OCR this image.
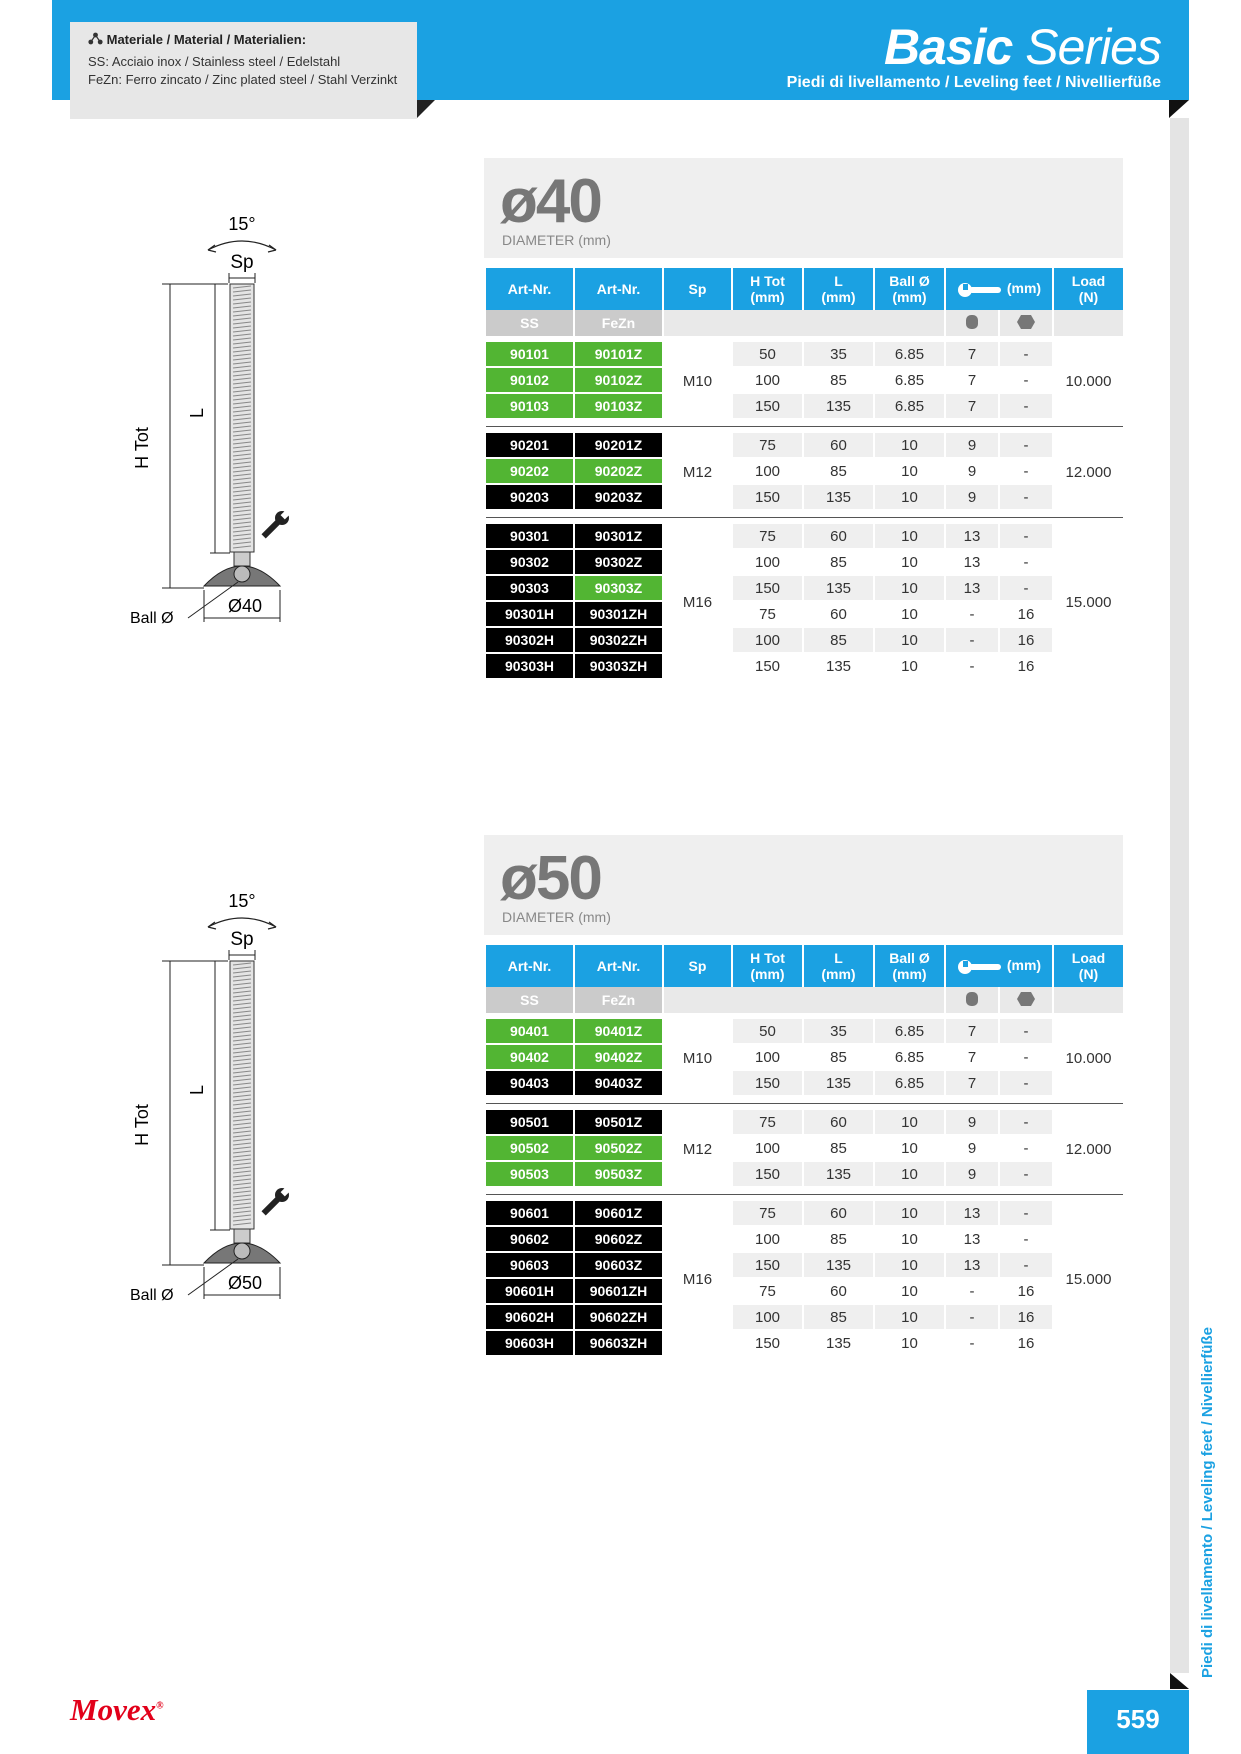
Materiale / Material / Materialien:
SS: Acciaio inox / Stainless steel / Edelstahl
FeZn: Ferro zincato / Zinc plated steel / Stahl Verzinkt
Basic Series
Piedi di livellamento / Leveling feet / Nivellierfüße
Piedi di livellamento / Leveling feet / Nivellierfüße
Movex®	559
ø40
DIAMETER (mm)
15°
Sp
H Tot
L
Ø40
Ball Ø
Art-Nr.	Art-Nr.	Sp	H Tot
(mm)	L
(mm)	Ball Ø
(mm)	(mm)		Load
(N)

SS	FeZn				

90101	90101Z	M10	50	35	6.85	7	-	10.000
90102	90102Z		100	85	6.85	7	-	
90103	90103Z		150	135	6.85	7	-	

90201	90201Z	M12	75	60	10	9	-	12.000
90202	90202Z		100	85	10	9	-	
90203	90203Z		150	135	10	9	-	

90301	90301Z	M16	75	60	10	13	-	15.000
90302	90302Z		100	85	10	13	-	
90303	90303Z		150	135	10	13	-	
90301H	90301ZH		75	60	10	-	16	
90302H	90302ZH		100	85	10	-	16	
90303H	90303ZH		150	135	10	-	16	
ø50
DIAMETER (mm)
15°
Sp
H Tot
L
Ø50
Ball Ø
Art-Nr.	Art-Nr.	Sp	H Tot
(mm)	L
(mm)	Ball Ø
(mm)	(mm)		Load
(N)

SS	FeZn				

90401	90401Z	M10	50	35	6.85	7	-	10.000
90402	90402Z		100	85	6.85	7	-	
90403	90403Z		150	135	6.85	7	-	

90501	90501Z	M12	75	60	10	9	-	12.000
90502	90502Z		100	85	10	9	-	
90503	90503Z		150	135	10	9	-	

90601	90601Z	M16	75	60	10	13	-	15.000
90602	90602Z		100	85	10	13	-	
90603	90603Z		150	135	10	13	-	
90601H	90601ZH		75	60	10	-	16	
90602H	90602ZH		100	85	10	-	16	
90603H	90603ZH		150	135	10	-	16	
